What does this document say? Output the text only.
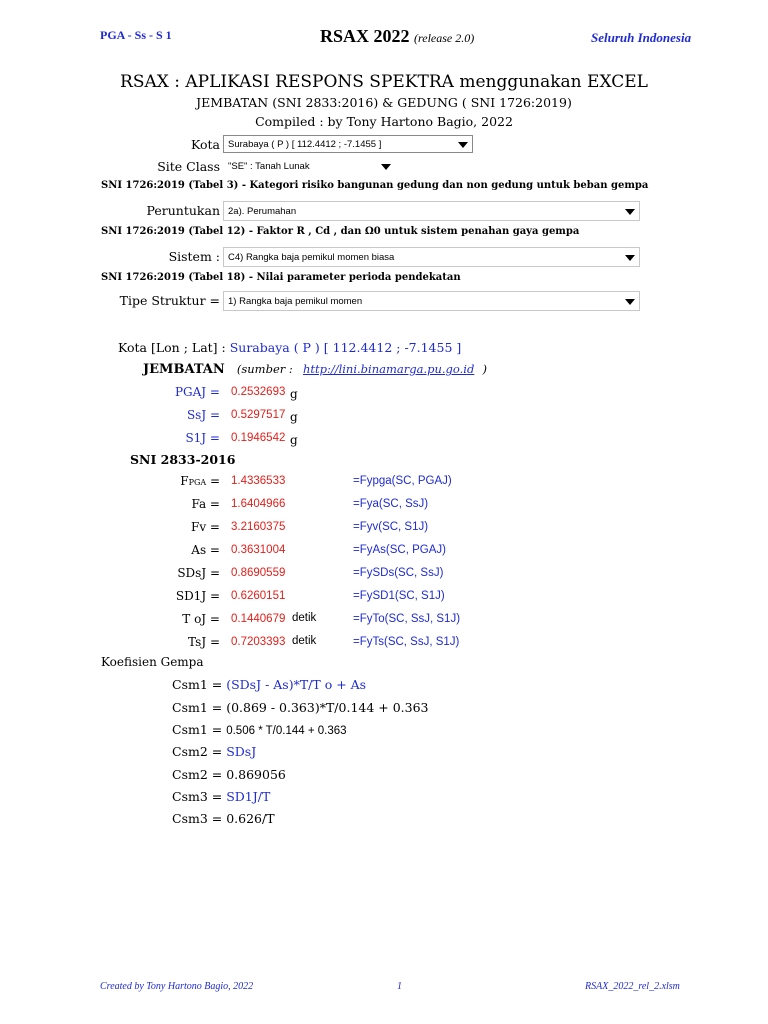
PGA - Ss - S 1	RSAX 2022 (release 2.0)	Seluruh Indonesia
RSAX : APLIKASI RESPONS SPEKTRA menggunakan EXCEL
JEMBATAN (SNI 2833:2016) & GEDUNG ( SNI 1726:2019)
Compiled : by Tony Hartono Bagio, 2022
Kota Surabaya ( P ) [ 112.4412 ; -7.1455 ]
Site Class "SE" : Tanah Lunak
SNI 1726:2019 (Tabel 3) - Kategori risiko bangunan gedung dan non gedung untuk beban gempa
Peruntukan 2a). Perumahan
SNI 1726:2019 (Tabel 12) - Faktor R , Cd , dan Ω0 untuk sistem penahan gaya gempa
Sistem : C4) Rangka baja pemikul momen biasa
SNI 1726:2019 (Tabel 18) - Nilai parameter perioda pendekatan
Tipe Struktur = 1) Rangka baja pemikul momen
Kota [Lon ; Lat] : Surabaya ( P ) [ 112.4412 ; -7.1455 ]
JEMBATAN (sumber : http://lini.binamarga.pu.go.id )
PGAJ = 0.2532693 g
SsJ = 0.5297517 g
S1J = 0.1946542 g
SNI 2833-2016
FPGA = 1.4336533	=Fypga(SC, PGAJ)
Fa = 1.6404966	=Fya(SC, SsJ)
Fv = 3.2160375	=Fyv(SC, S1J)
As = 0.3631004	=FyAs(SC, PGAJ)
SDsJ = 0.8690559	=FySDs(SC, SsJ)
SD1J = 0.6260151	=FySD1(SC, S1J)
T oJ = 0.1440679 detik	=FyTo(SC, SsJ, S1J)
TsJ = 0.7203393 detik	=FyTs(SC, SsJ, S1J)
Koefisien Gempa
Csm1 = (SDsJ - As)*T/T o + As
Csm1 = (0.869 - 0.363)*T/0.144 + 0.363
Csm1 = 0.506 * T/0.144 + 0.363
Csm2 = SDsJ
Csm2 = 0.869056
Csm3 = SD1J/T
Csm3 = 0.626/T
Created by Tony Hartono Bagio, 2022	1	RSAX_2022_rel_2.xlsm
